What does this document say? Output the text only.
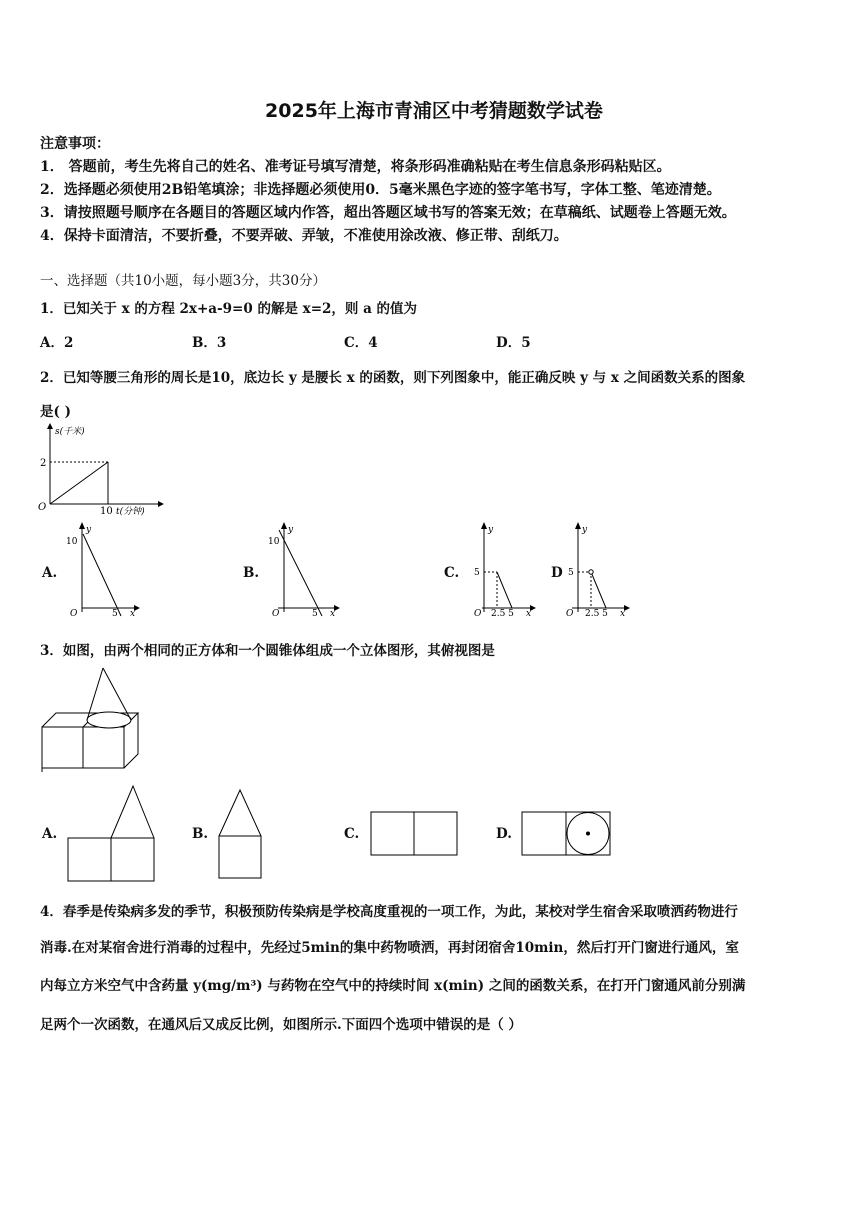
2025年上海市青浦区中考猜题数学试卷
注意事项：
1． 答题前，考生先将自己的姓名、准考证号填写清楚，将条形码准确粘贴在考生信息条形码粘贴区。
2．选择题必须使用2B铅笔填涂；非选择题必须使用0．5毫米黑色字迹的签字笔书写，字体工整、笔迹清楚。
3．请按照题号顺序在各题目的答题区域内作答，超出答题区域书写的答案无效；在草稿纸、试题卷上答题无效。
4．保持卡面清洁，不要折叠，不要弄破、弄皱，不准使用涂改液、修正带、刮纸刀。
一、选择题（共10小题，每小题3分，共30分）
1．已知关于 x 的方程 2x+a-9=0 的解是 x=2，则 a 的值为
A．2	B．3	C．4	D．5
2．已知等腰三角形的周长是10，底边长 y 是腰长 x 的函数，则下列图象中，能正确反映 y 与 x 之间函数关系的图象
是( )
s(千米)
2
O	10 t(分钟)
A.
y
10
O	5 x
B.
y
10
O	5 x
C.
y
5
O 2.5 5 x
D
y
5
O 2.5 5 x
3．如图，由两个相同的正方体和一个圆锥体组成一个立体图形，其俯视图是
A.	B.	C.	D.
4．春季是传染病多发的季节，积极预防传染病是学校高度重视的一项工作，为此，某校对学生宿舍采取喷洒药物进行
消毒.在对某宿舍进行消毒的过程中，先经过5min的集中药物喷洒，再封闭宿舍10min，然后打开门窗进行通风，室
内每立方米空气中含药量 y(mg/m³) 与药物在空气中的持续时间 x(min) 之间的函数关系，在打开门窗通风前分别满
足两个一次函数，在通风后又成反比例，如图所示.下面四个选项中错误的是（ ）
